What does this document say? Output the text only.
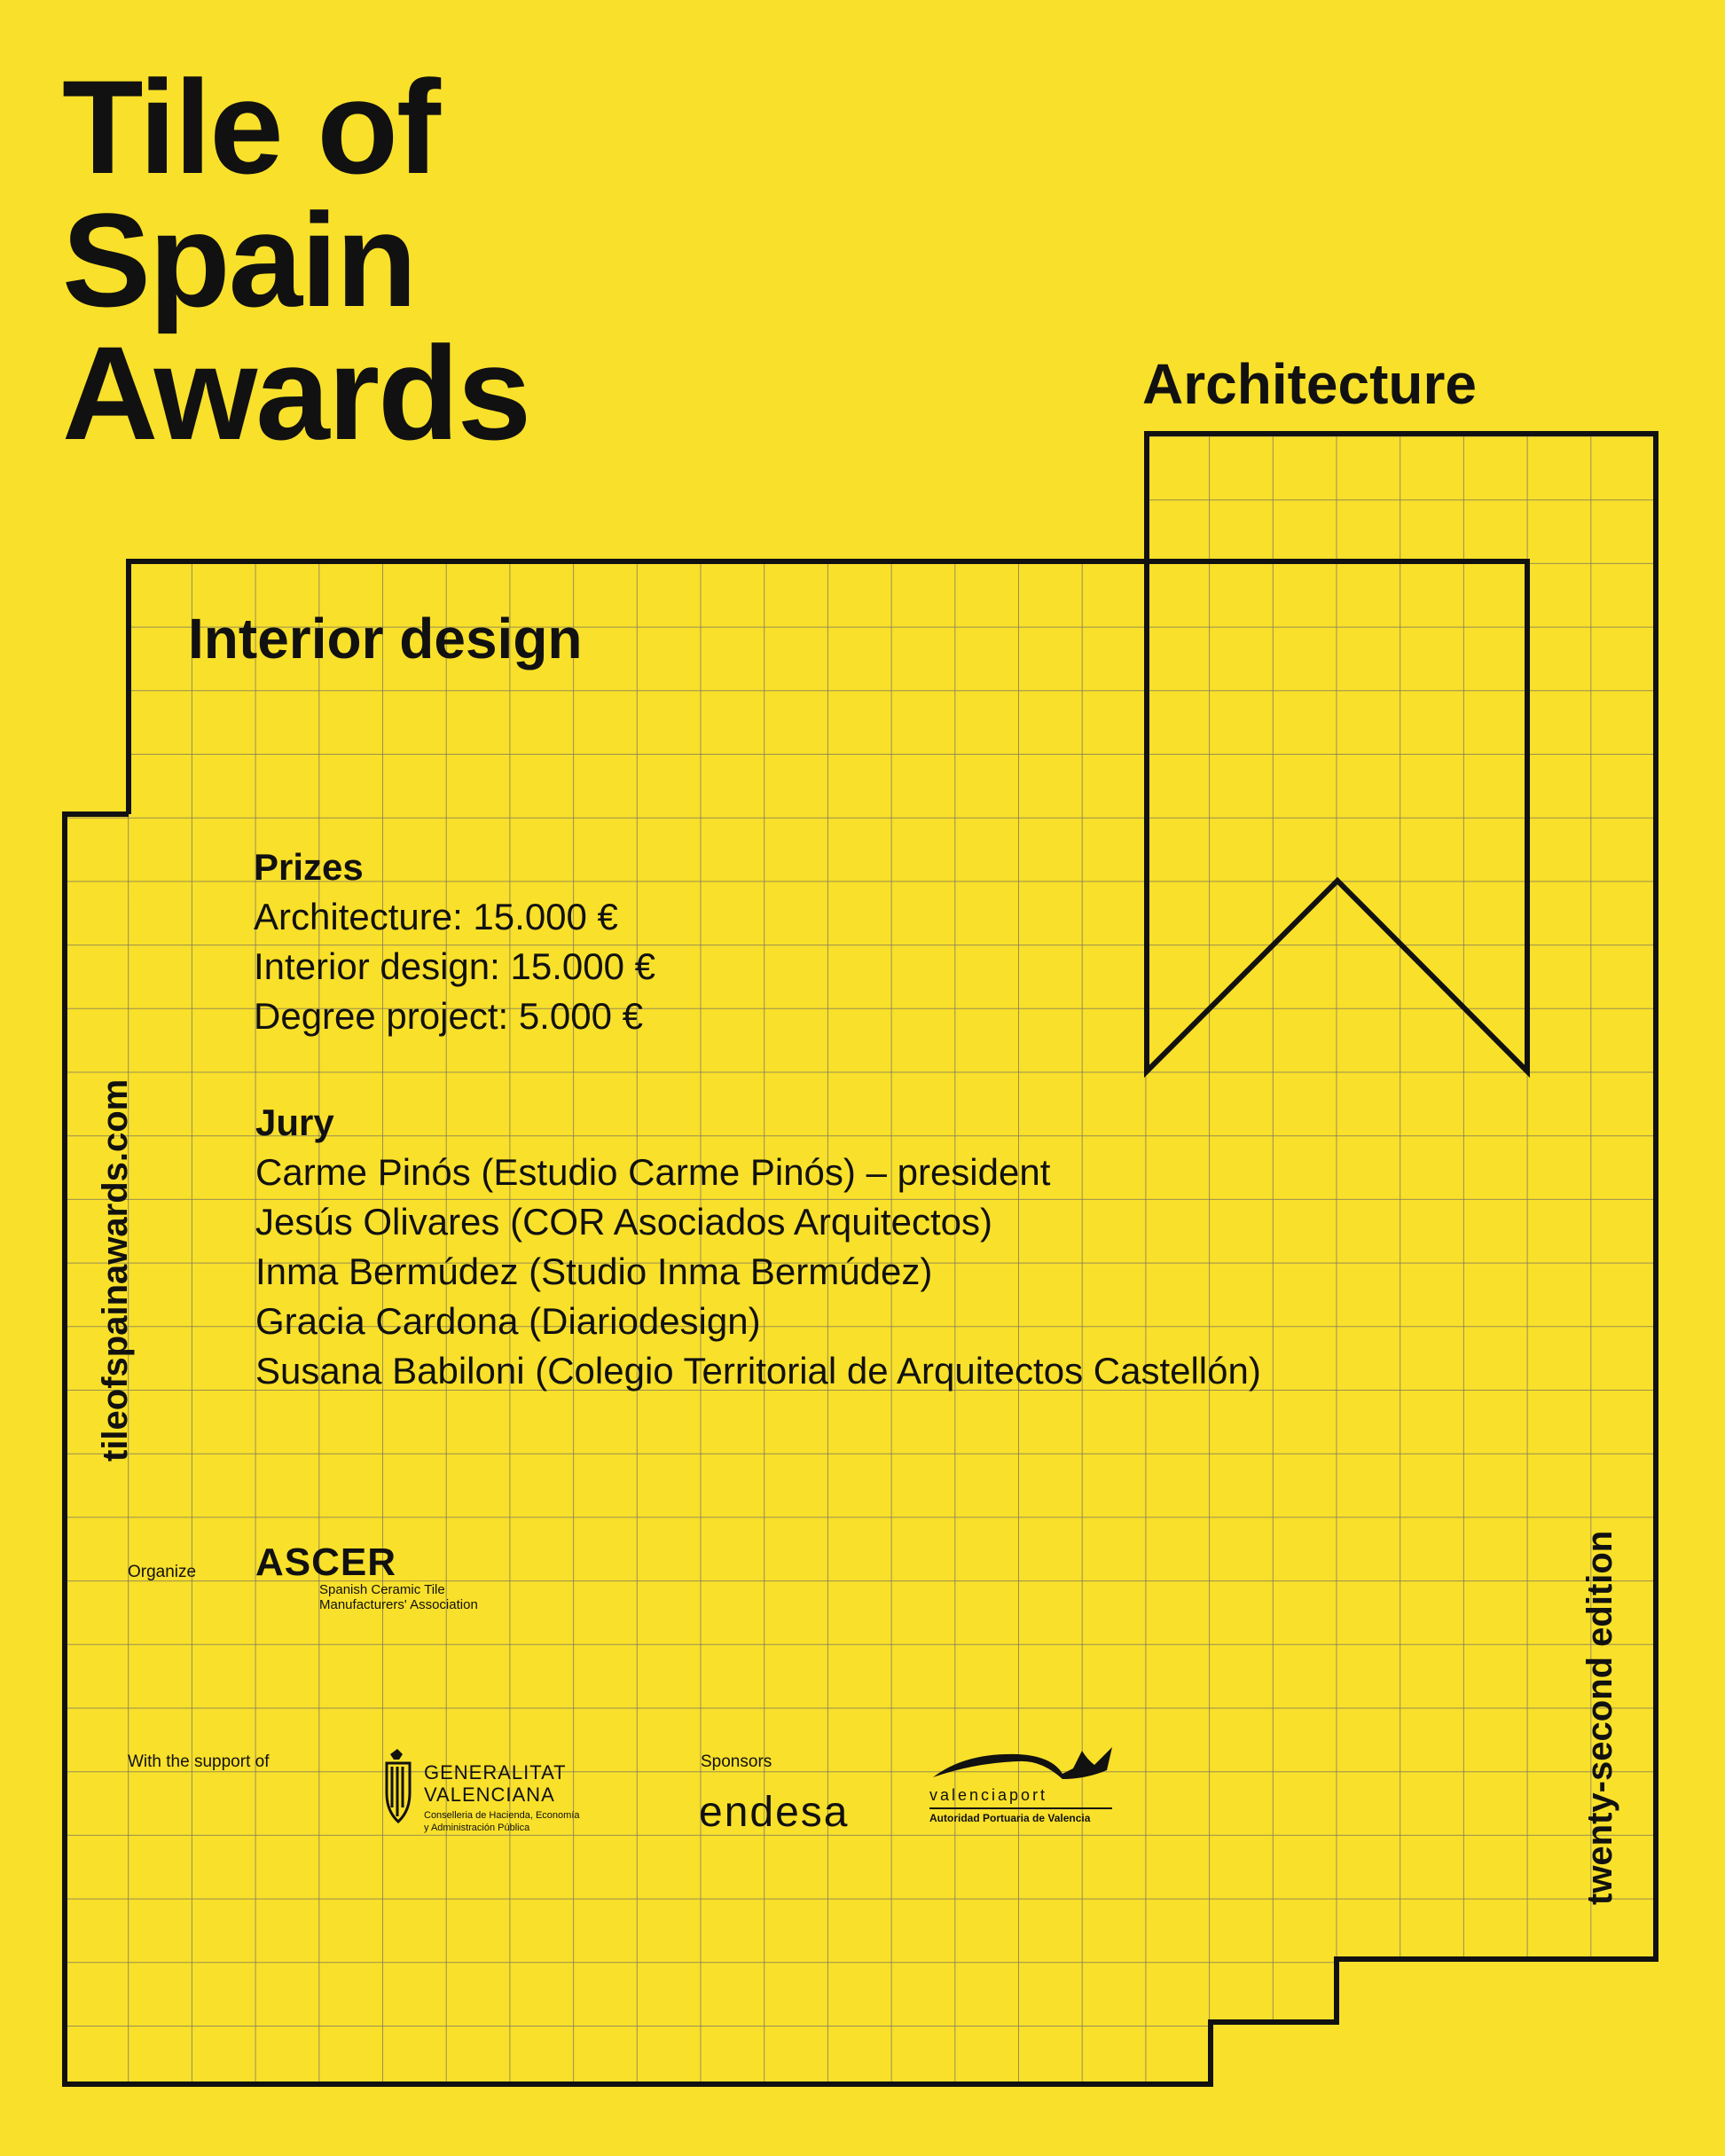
Tile of
Spain
Awards	Architecture
Interior design
Prizes
Architecture: 15.000 €
Interior design: 15.000 €
Degree project: 5.000 €
Jury
Carme Pinós (Estudio Carme Pinós) – president
Jesús Olivares (COR Asociados Arquitectos)
Inma Bermúdez (Studio Inma Bermúdez)
Gracia Cardona (Diariodesign)
Susana Babiloni (Colegio Territorial de Arquitectos Castellón)
tileofspainawards.com
twenty-second edition
Organize ASCER
Spanish Ceramic Tile
Manufacturers' Association
With the support of	GENERALITAT
VALENCIANA
Conselleria de Hacienda, Economía
y Administración Pública
Sponsors
endesa	valenciaport
Autoridad Portuaria de Valencia
